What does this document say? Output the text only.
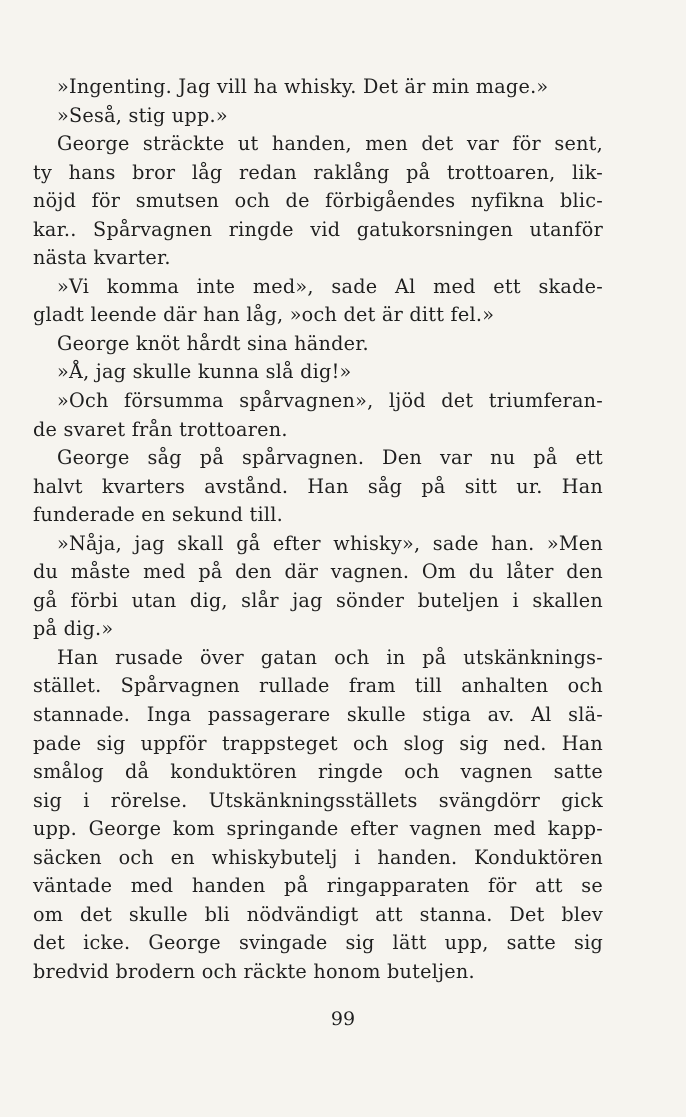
»Ingenting. Jag vill ha whisky. Det är min mage.»
»Seså, stig upp.»
George sträckte ut handen, men det var för sent,
ty hans bror låg redan raklång på trottoaren, lik-
nöjd för smutsen och de förbigåendes nyfikna blic-
kar.. Spårvagnen ringde vid gatukorsningen utanför
nästa kvarter.
»Vi komma inte med», sade Al med ett skade-
gladt leende där han låg, »och det är ditt fel.»
George knöt hårdt sina händer.
»Å, jag skulle kunna slå dig!»
»Och försumma spårvagnen», ljöd det triumferan-
de svaret från trottoaren.
George såg på spårvagnen. Den var nu på ett
halvt kvarters avstånd. Han såg på sitt ur. Han
funderade en sekund till.
»Nåja, jag skall gå efter whisky», sade han. »Men
du måste med på den där vagnen. Om du låter den
gå förbi utan dig, slår jag sönder buteljen i skallen
på dig.»
Han rusade över gatan och in på utskänknings-
stället. Spårvagnen rullade fram till anhalten och
stannade. Inga passagerare skulle stiga av. Al slä-
pade sig uppför trappsteget och slog sig ned. Han
smålog då konduktören ringde och vagnen satte
sig i rörelse. Utskänkningsställets svängdörr gick
upp. George kom springande efter vagnen med kapp-
säcken och en whiskybutelj i handen. Konduktören
väntade med handen på ringapparaten för att se
om det skulle bli nödvändigt att stanna. Det blev
det icke. George svingade sig lätt upp, satte sig
bredvid brodern och räckte honom buteljen.
99
